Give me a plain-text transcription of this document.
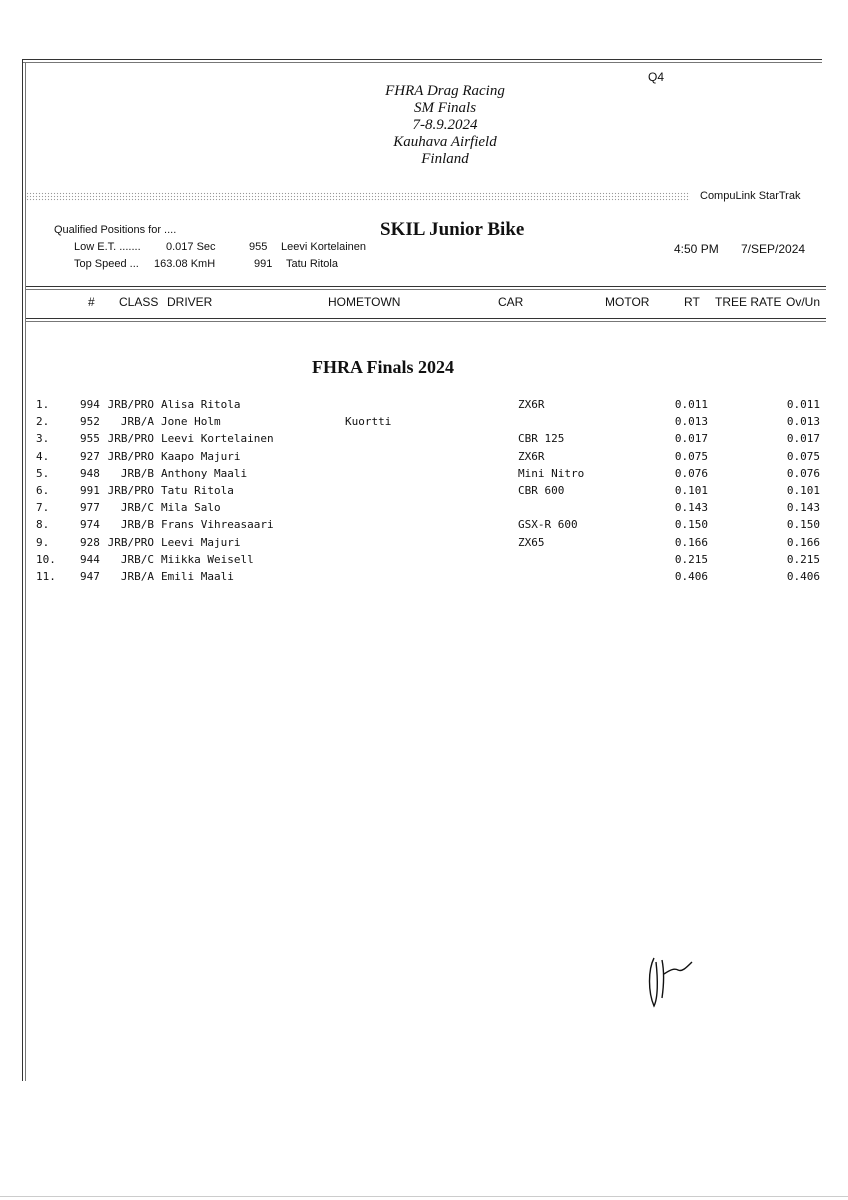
Q4
FHRA Drag Racing
SM Finals
7-8.9.2024
Kauhava Airfield
Finland
CompuLink StarTrak
Qualified Positions for ....	SKIL Junior Bike
Low E.T. ....... 0.017 Sec	955 Leevi Kortelainen
Top Speed ... 163.08 KmH	991 Tatu Ritola
4:50 PM 7/SEP/2024
# CLASS DRIVER	HOMETOWN	CAR	MOTOR	RT TREE RATE Ov/Un
FHRA Finals 2024
1.	994 JRB/PRO Alisa Ritola	ZX6R	0.011	0.011
2.	952	JRB/A Jone Holm	Kuortti	0.013	0.013
3.	955 JRB/PRO Leevi Kortelainen	CBR 125	0.017	0.017
4.	927 JRB/PRO Kaapo Majuri	ZX6R	0.075	0.075
5.	948	JRB/B Anthony Maali	Mini Nitro	0.076	0.076
6.	991 JRB/PRO Tatu Ritola	CBR 600	0.101	0.101
7.	977	JRB/C Mila Salo	0.143	0.143
8.	974	JRB/B Frans Vihreasaari	GSX-R 600	0.150	0.150
9.	928 JRB/PRO Leevi Majuri	ZX65	0.166	0.166
10. 944	JRB/C Miikka Weisell	0.215	0.215
11. 947	JRB/A Emili Maali	0.406	0.406
